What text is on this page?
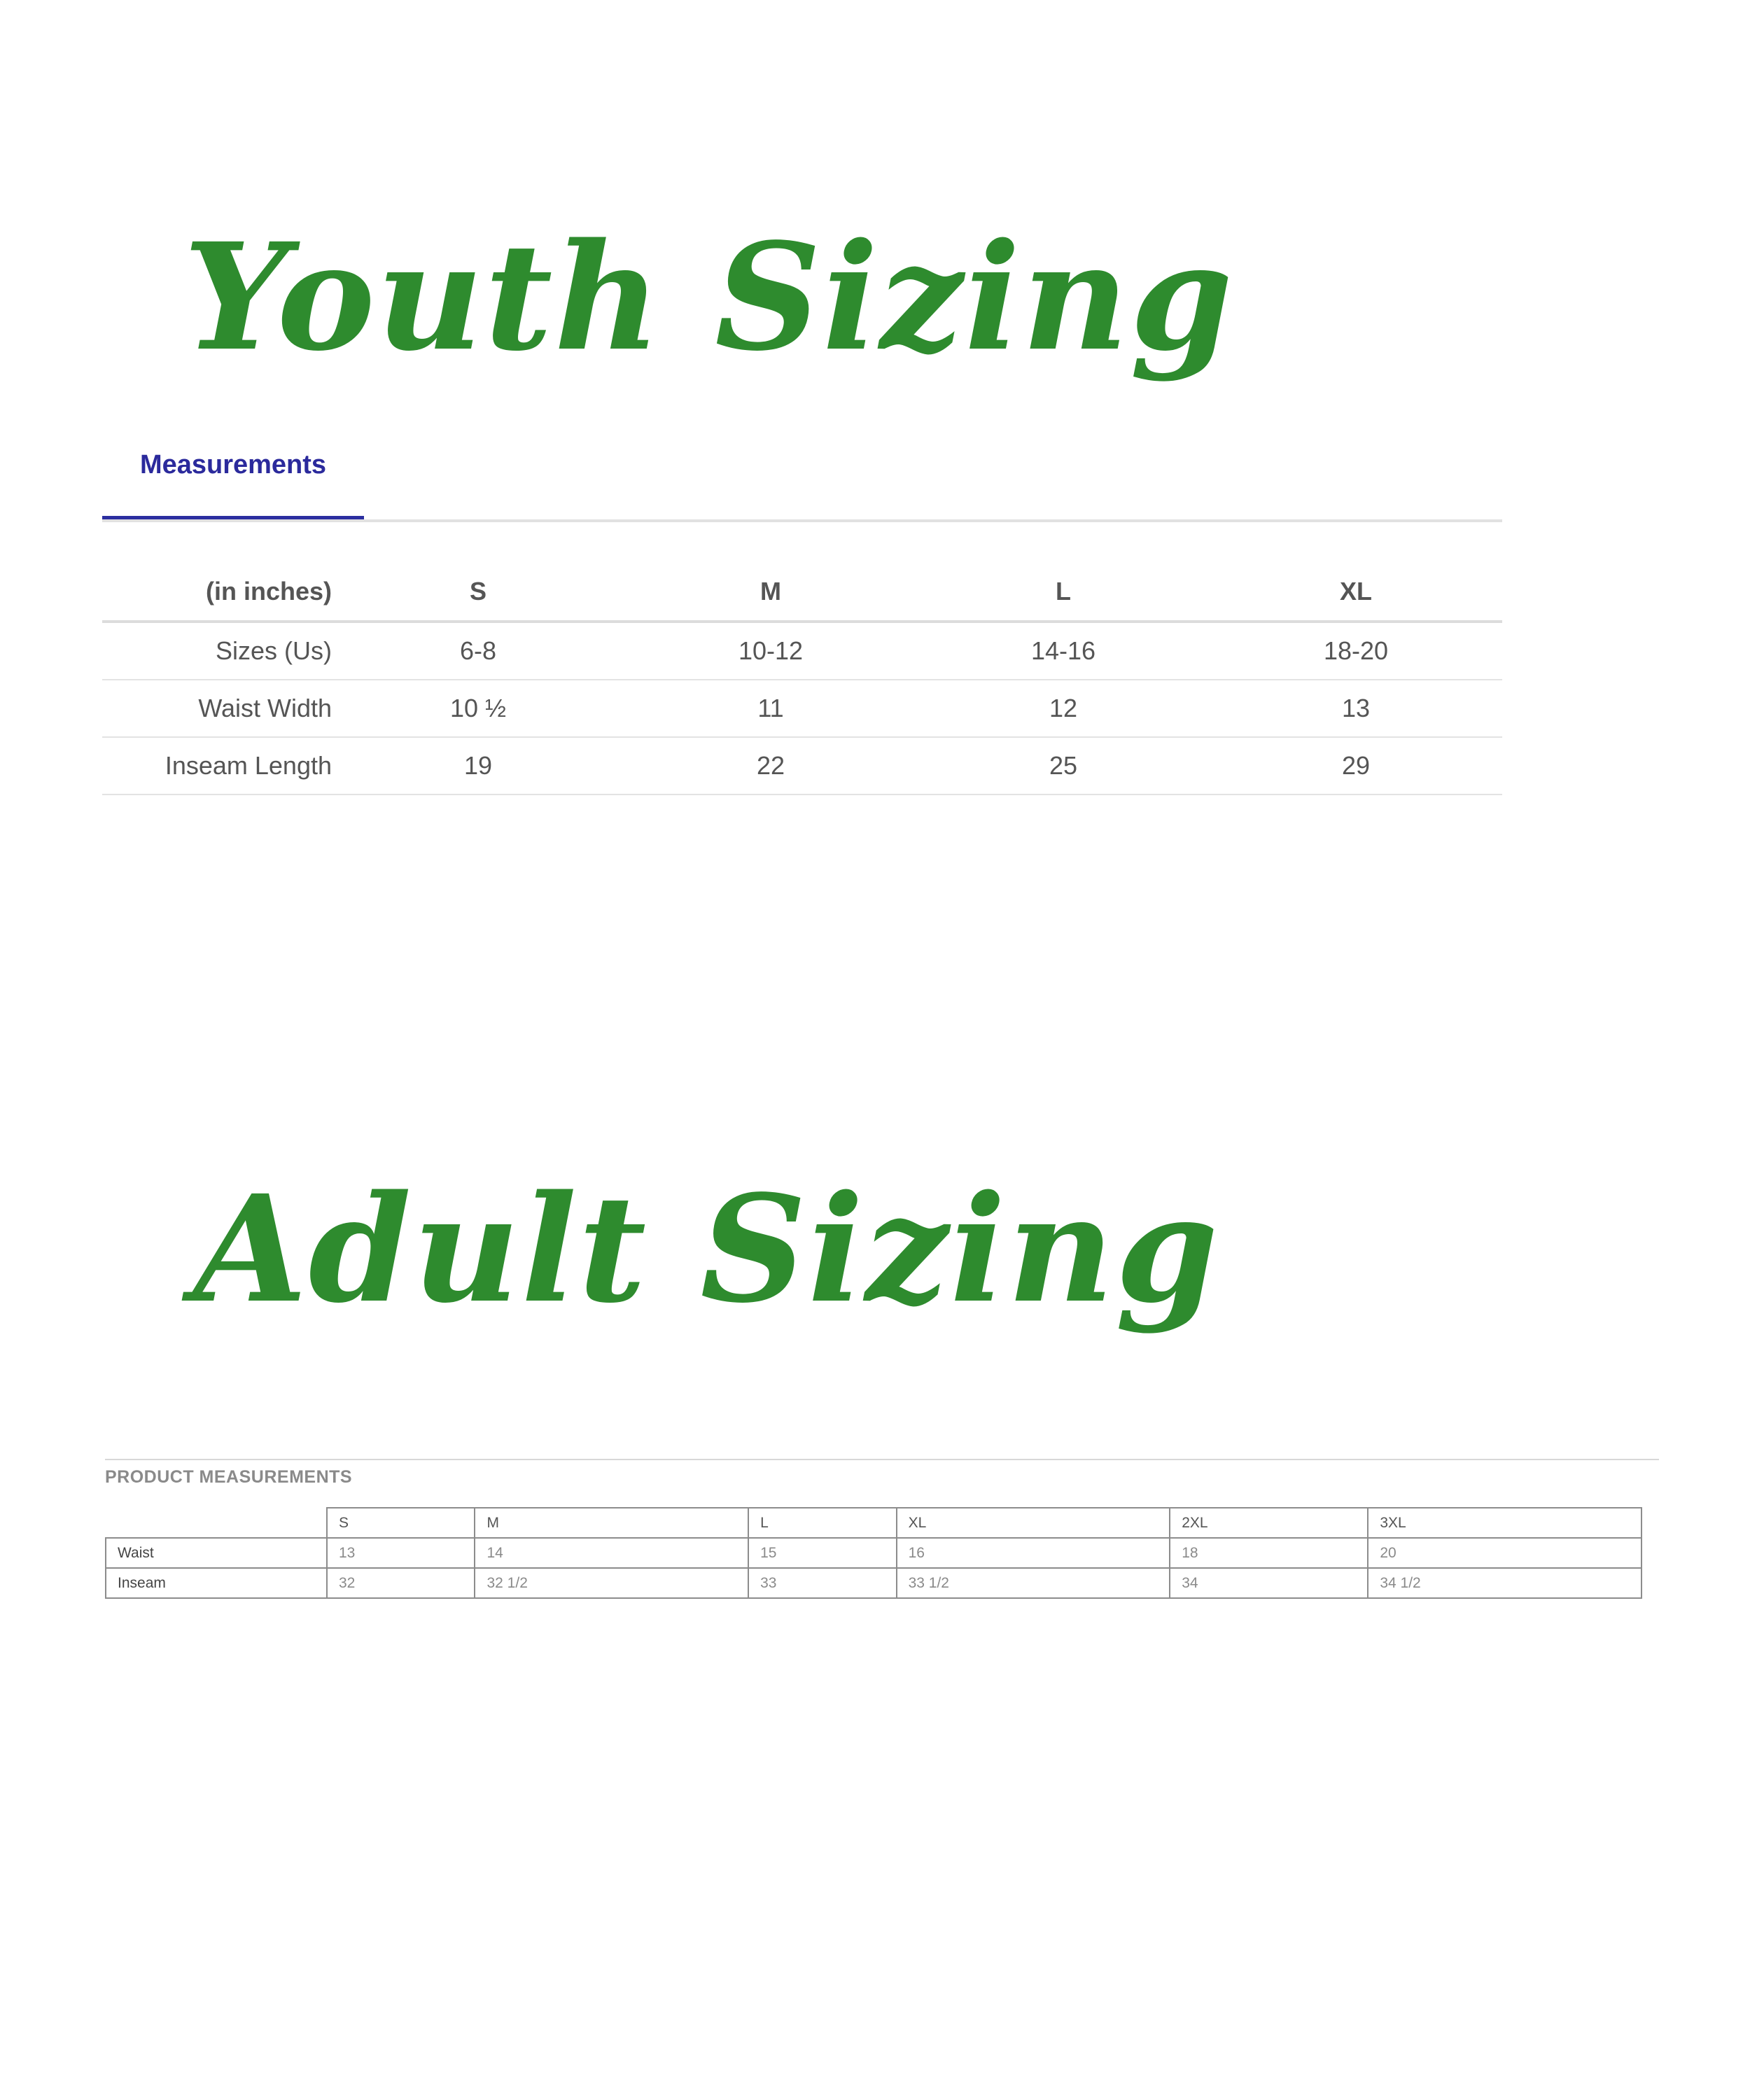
Youth Sizing
Measurements
(in inches)	S	M	L	XL
Sizes (Us)	6-8	10-12	14-16	18-20
Waist Width	10 ½	11	12	13
Inseam Length	19	22	25	29
Adult Sizing
PRODUCT MEASUREMENTS
	S	M	L	XL	2XL	3XL
Waist	13	14	15	16	18	20
Inseam	32	32 1/2	33	33 1/2	34	34 1/2
